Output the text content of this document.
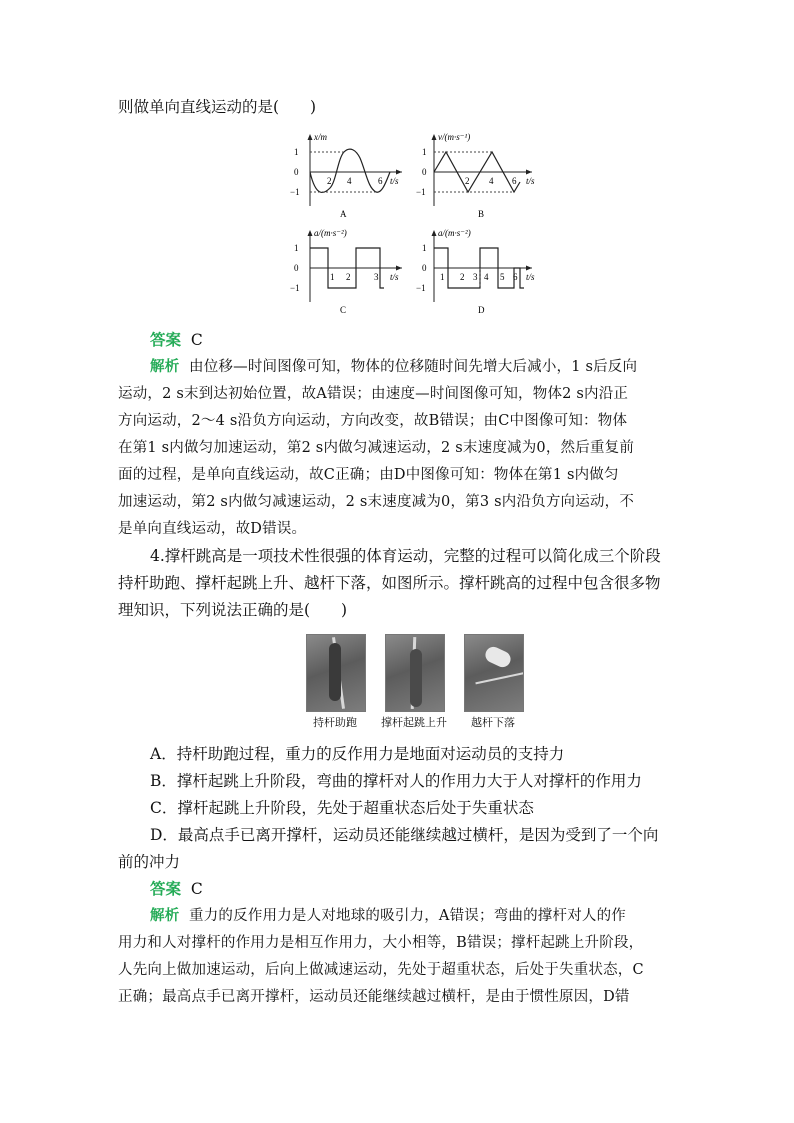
则做单向直线运动的是(　　)
x/m
t/s
1
0
−1
2 4	6
A
v/(m·s⁻¹)
t/s
1
0
−1
2 4 6
B
a/(m·s⁻²)
t/s
1
0
−1
1 2	3
C
a/(m·s⁻²)
t/s
1
0
−1
1 2 3 4 5 6
D
答案 C
解析 由位移—时间图像可知，物体的位移随时间先增大后减小，1 s后反向
运动，2 s末到达初始位置，故A错误；由速度—时间图像可知，物体2 s内沿正
方向运动，2～4 s沿负方向运动，方向改变，故B错误；由C中图像可知：物体
在第1 s内做匀加速运动，第2 s内做匀减速运动，2 s末速度减为0，然后重复前
面的过程，是单向直线运动，故C正确；由D中图像可知：物体在第1 s内做匀
加速运动，第2 s内做匀减速运动，2 s末速度减为0，第3 s内沿负方向运动，不
是单向直线运动，故D错误。
4.撑杆跳高是一项技术性很强的体育运动，完整的过程可以简化成三个阶段
持杆助跑、撑杆起跳上升、越杆下落，如图所示。撑杆跳高的过程中包含很多物
理知识，下列说法正确的是(　　)
持杆助跑	撑杆起跳上升	越杆下落
A．持杆助跑过程，重力的反作用力是地面对运动员的支持力
B．撑杆起跳上升阶段，弯曲的撑杆对人的作用力大于人对撑杆的作用力
C．撑杆起跳上升阶段，先处于超重状态后处于失重状态
D．最高点手已离开撑杆，运动员还能继续越过横杆，是因为受到了一个向
前的冲力
答案 C
解析 重力的反作用力是人对地球的吸引力，A错误；弯曲的撑杆对人的作
用力和人对撑杆的作用力是相互作用力，大小相等，B错误；撑杆起跳上升阶段，
人先向上做加速运动，后向上做减速运动，先处于超重状态，后处于失重状态，C
正确；最高点手已离开撑杆，运动员还能继续越过横杆，是由于惯性原因，D错
